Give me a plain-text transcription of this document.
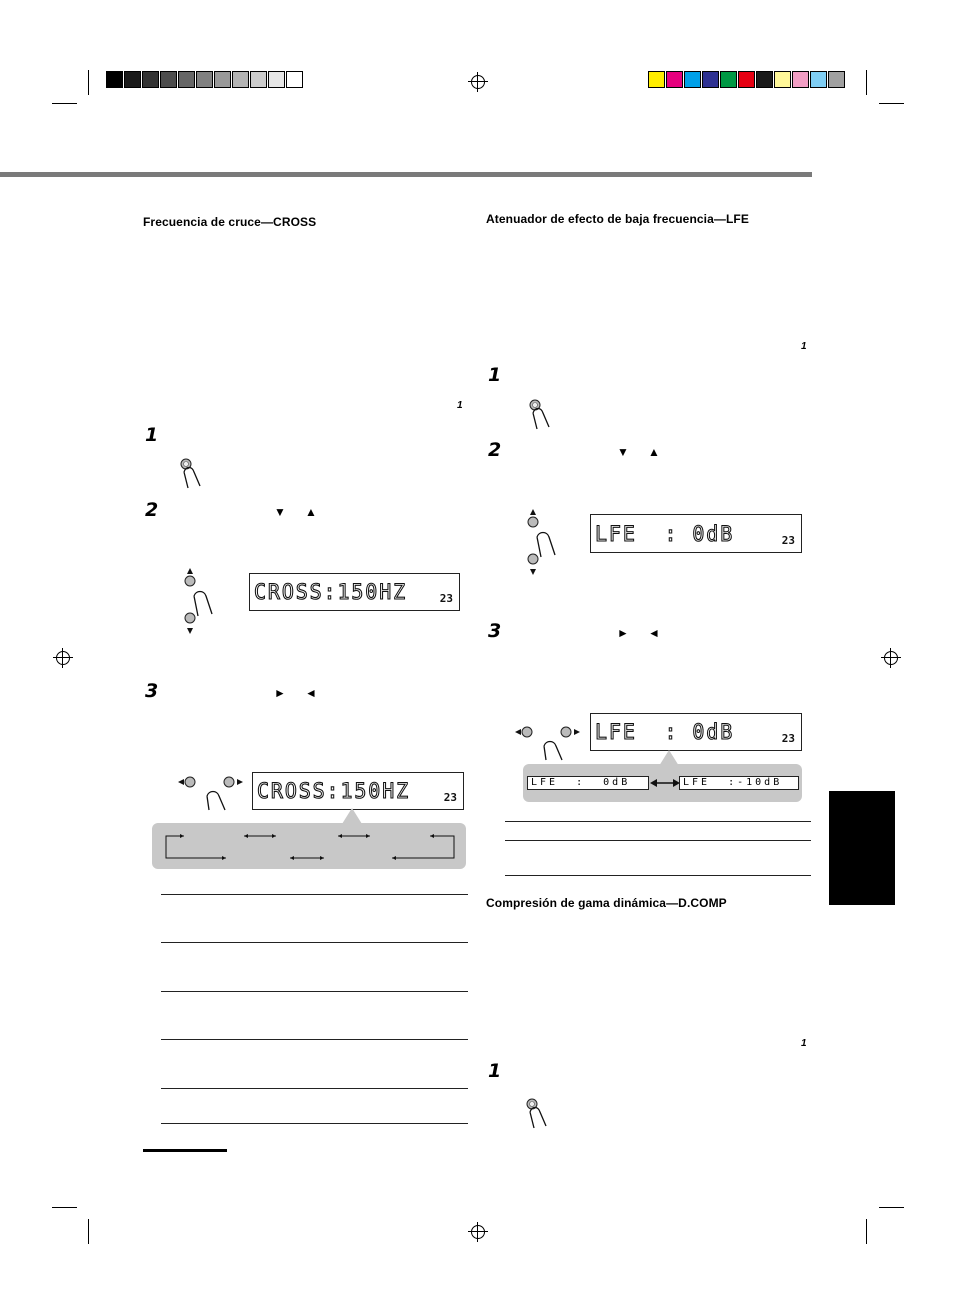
Frecuencia de cruce—CROSS
1
1
2	▼ ▲
CROSS:150HZ	23
3	► ◄
CROSS:150HZ	23
Atenuador de efecto de baja frecuencia—LFE
1
1
2	▼ ▲
LFE  : 0dB	23
3	► ◄
LFE  : 0dB	23
LFE  :  0dB	LFE  :-10dB
Compresión de gama dinámica—D.COMP
1
1
